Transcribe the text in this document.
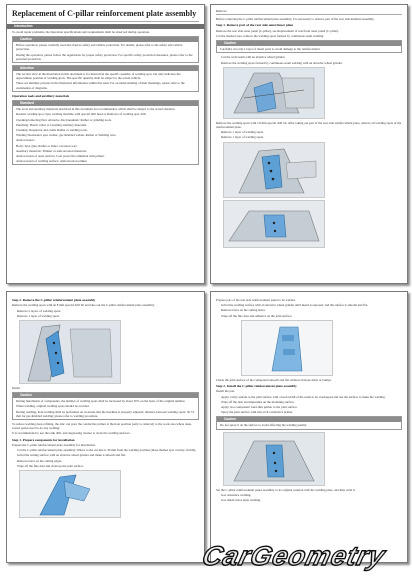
Replacement of C-pillar reinforcement plate assembly
Introduction
To avoid repair problems, the Operation specifications and requirements shall be observed during operation.
Caution
Before operation, please carefully read and observe safety and vehicle protection. For details, please refer to the safety and vehicle protection.
During the operation, please follow the regulations for proper safety protection. For specific safety protection measures, please refer to the personal protection.
Attention
The section view in the illustration in this document is for instruction the specific quantity of welding spot, but only indicates the approximate position of welding spots. The specific quantity shall be subject to the actual vehicle.
There are multiple pictures in the illustrated information within this item. For an understanding of their meanings, please refer to the explanation of diagrams.
Operation tools and auxiliary materials
Standard
The tools and auxiliary materials described in this document are recommended, which shall be subject to the actual situation.
Resistor welding spot: Spot welding machine with special drill head or Remover of welding spot drill.
Cleaning/removing flux: Abrasive disc/pneumatic Rather or grinding tools.
Punching: Plastic roller or Cleaning auxiliary materials.
Cleaning: Respirator and cloths Rather or sanding tools.
Welding: Resistance spot welder, gas shielded welder, Rather or Welding wire.
Anticorrosion:
Body: Spot glue, Rather or Inner corrosion wax
Auxiliary materials: Thinner or anticorrosion materials.
Anticorrosion of outer surface: Coat protective emulsion with primer.
Anticorrosion of welding surface: Anticorrosion primer.
Remove
Before removing the C-pillar reinforcement plate assembly, it is necessary to remove part of the rear side member/assembly.
Step 1. Remove part of the rear side outer/inner plate
Remove the rear side outer panel (C-pillar), see Replacement of rear/front outer panel (C-pillar).
Cut the marked area, remove the welding spots formed by continuous seam welding.
Caution
Carefully cut only 1 layer of metal parts to avoid damage to the reinforcement.
Cut the weld seam with an abrasive wheel grinder.
Remove the welding spots formed by continuous seam welding with an abrasive wheel grinder.
Remove the welding spots with a 8 mm special drill bit. After taking out part of the rear side reinforcement plate, remove all welding spots of the reinforcement plate.
Remove 1 layer of welding spots.
Remove 1 layer of welding spots.
Step 2. Remove the C-pillar reinforcement plate assembly
Remove the welding spots with an 8 mm special drill bit and take out the C-pillar reinforcement plate assembly.
Remove 2 layers of welding spots.
Remove 1 layer of welding spots.
Install
Caution
During installation of components, the number of welding spots shall be increased by about 30% on the basis of the original number.
When welding, original welding spots should be avoided.
During welding, hold welding shall be performed on locations that the machine is properly adjusted; distance between welding spots: 30 ±5 mm for gas shielded welding; please refer to welding procedure.
To reduce welding deep refining, the zinc can prior the conductive primer at the hole position (only to removal) to the work area where deep-rooted pastes need to do any welding.
It is recommended to use the tank drill, and degreasing cleaner to clean the welding surfaces.
Step 1. Prepare components for installation
Prepare the C-pillar reinforcement plate assembly for installation.
Cut the C-pillar reinforcement plate assembly. Where to the cut line is 30 mm from the welding position (these themes spot overlap 10 mm).
Grind the cutting surface with an abrasive wheel grinder and make it smooth and flat.
Remove burrs on the cutting edges.
Wipe off the fine dust and clean up the joint surface.
Prepare part of the rear side reinforcement panel to be welded.
Grind the welding surface with an abrasive wheel grinder until metal is exposed, and the surface is smooth and flat.
Remove burrs on the cutting holes.
Wipe off the fine dust and adhesive on the joint surface.
Check the joint surface of the component smooth and flat without obvious dents or bumps.
Step 2. Install the C-pillar reinforcement plate assembly
Install the part.
Apply cavity sealant to the joint surface with a bead width of the seam to be overlapped and use the surface to make the welding.
Wipe off the dust and impurities on the mounting surface.
Apply two-component weld-thru primer to the joint surface.
Spray the joint surface with zinc-rich conductive primer.
Caution
Do not spray it on the surface to avoid affecting the welding quality.
Set the C-pillar reinforcement panel assembly to its original position with the welding plate, and then weld it.
Gas resistance welding.
Gas shield wires plate welding.
CarGeometry
